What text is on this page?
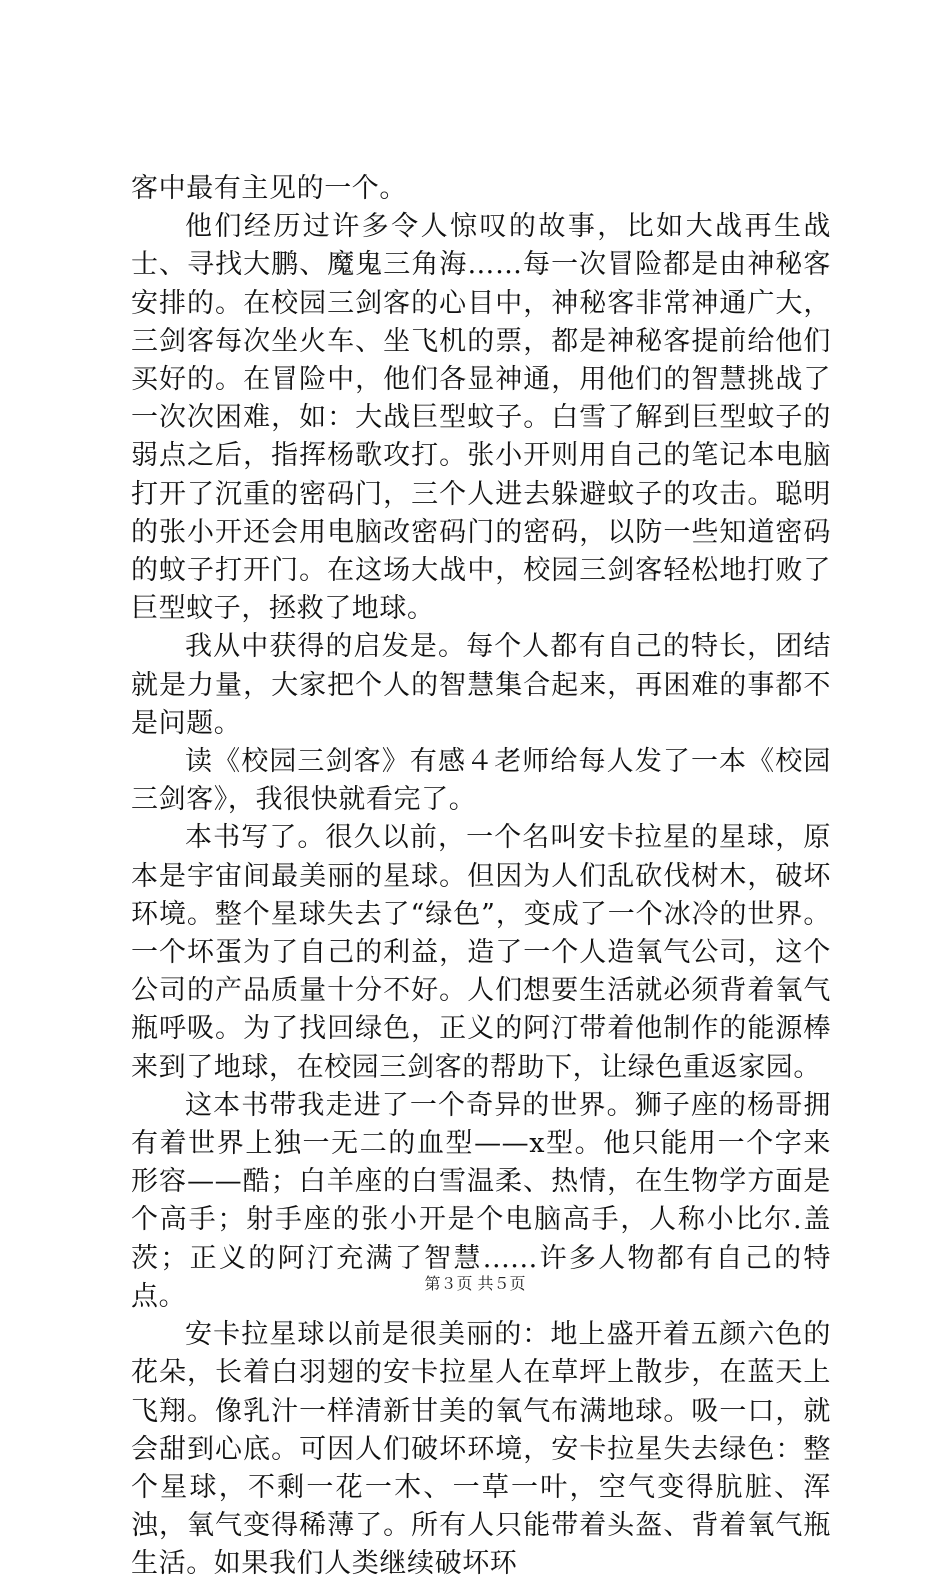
客中最有主见的一个。

他们经历过许多令人惊叹的故事，比如大战再生战士、寻找大鹏、魔鬼三角海……每一次冒险都是由神秘客安排的。在校园三剑客的心目中，神秘客非常神通广大，三剑客每次坐火车、坐飞机的票，都是神秘客提前给他们买好的。在冒险中，他们各显神通，用他们的智慧挑战了一次次困难，如：大战巨型蚊子。白雪了解到巨型蚊子的弱点之后，指挥杨歌攻打。张小开则用自己的笔记本电脑打开了沉重的密码门，三个人进去躲避蚊子的攻击。聪明的张小开还会用电脑改密码门的密码，以防一些知道密码的蚊子打开门。在这场大战中，校园三剑客轻松地打败了巨型蚊子，拯救了地球。

我从中获得的启发是。每个人都有自己的特长，团结就是力量，大家把个人的智慧集合起来，再困难的事都不是问题。

读《校园三剑客》有感４老师给每人发了一本《校园三剑客》，我很快就看完了。

本书写了。很久以前，一个名叫安卡拉星的星球，原本是宇宙间最美丽的星球。但因为人们乱砍伐树木，破坏环境。整个星球失去了“绿色”，变成了一个冰冷的世界。一个坏蛋为了自己的利益，造了一个人造氧气公司，这个公司的产品质量十分不好。人们想要生活就必须背着氧气瓶呼吸。为了找回绿色，正义的阿汀带着他制作的能源棒来到了地球，在校园三剑客的帮助下，让绿色重返家园。

这本书带我走进了一个奇异的世界。狮子座的杨哥拥有着世界上独一无二的血型——x型。他只能用一个字来形容——酷；白羊座的白雪温柔、热情，在生物学方面是个高手；射手座的张小开是个电脑高手，人称小比尔.盖茨；正义的阿汀充满了智慧......许多人物都有自己的特点。

安卡拉星球以前是很美丽的：地上盛开着五颜六色的花朵，长着白羽翅的安卡拉星人在草坪上散步，在蓝天上飞翔。像乳汁一样清新甘美的氧气布满地球。吸一口，就会甜到心底。可因人们破坏环境，安卡拉星失去绿色：整个星球，不剩一花一木、一草一叶，空气变得肮脏、浑浊，氧气变得稀薄了。所有人只能带着头盔、背着氧气瓶生活。如果我们人类继续破坏环

第３页 共５页
